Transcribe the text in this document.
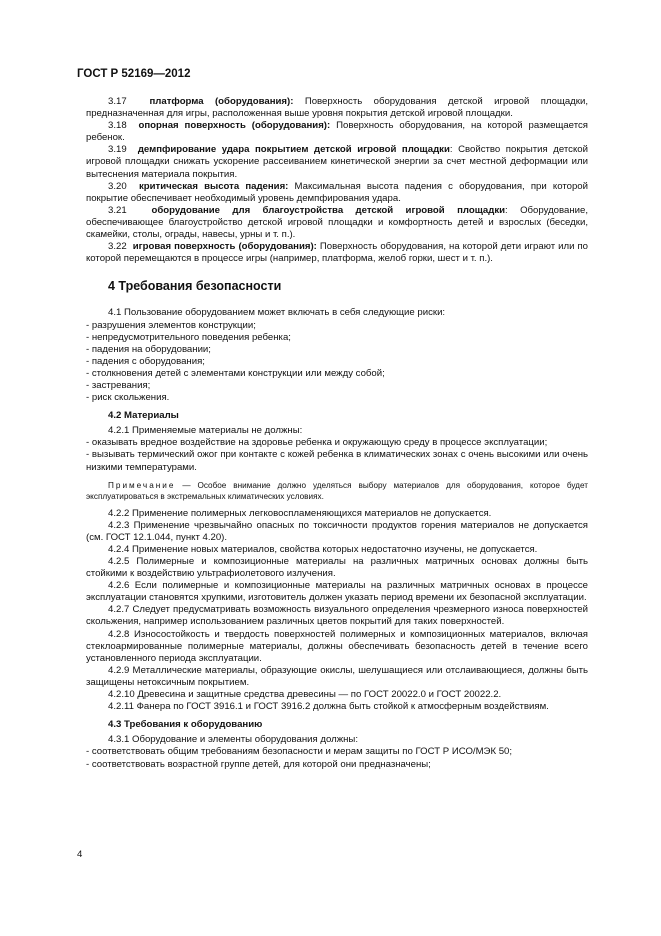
ГОСТ Р 52169—2012

3.17 платформа (оборудования): Поверхность оборудования детской игровой площадки, предназначенная для игры, расположенная выше уровня покрытия детской игровой площадки.

3.18 опорная поверхность (оборудования): Поверхность оборудования, на которой размещается ребенок.

3.19 демпфирование удара покрытием детской игровой площадки: Свойство покрытия детской игровой площадки снижать ускорение рассеиванием кинетической энергии за счет местной деформации или вытеснения материала покрытия.

3.20 критическая высота падения: Максимальная высота падения с оборудования, при которой покрытие обеспечивает необходимый уровень демпфирования удара.

3.21	оборудование для благоустройства детской игровой площадки: Оборудование, обеспечивающее благоустройство детской игровой площадки и комфортность детей и взрослых (беседки, скамейки, столы, ограды, навесы, урны и т. п.).

3.22 игровая поверхность (оборудования): Поверхность оборудования, на которой дети играют или по которой перемещаются в процессе игры (например, платформа, желоб горки, шест и т. п.).

4 Требования безопасности

4.1 Пользование оборудованием может включать в себя следующие риски:

- разрушения элементов конструкции;

- непредусмотрительного поведения ребенка;

- падения на оборудовании;

- падения с оборудования;

- столкновения детей с элементами конструкции или между собой;

- застревания;

- риск скольжения.

4.2 Материалы

4.2.1 Применяемые материалы не должны:

- оказывать вредное воздействие на здоровье ребенка и окружающую среду в процессе эксплуатации;

- вызывать термический ожог при контакте с кожей ребенка в климатических зонах с очень высокими или очень низкими температурами.

Примечание — Особое внимание должно уделяться выбору материалов для оборудования, которое будет эксплуатироваться в экстремальных климатических условиях.

4.2.2 Применение полимерных легковоспламеняющихся материалов не допускается.

4.2.3 Применение чрезвычайно опасных по токсичности продуктов горения материалов не допускается (см. ГОСТ 12.1.044, пункт 4.20).

4.2.4 Применение новых материалов, свойства которых недостаточно изучены, не допускается.

4.2.5 Полимерные и композиционные материалы на различных матричных основах должны быть стойкими к воздействию ультрафиолетового излучения.

4.2.6 Если полимерные и композиционные материалы на различных матричных основах в процессе эксплуатации становятся хрупкими, изготовитель должен указать период времени их безопасной эксплуатации.

4.2.7 Следует предусматривать возможность визуального определения чрезмерного износа поверхностей скольжения, например использованием различных цветов покрытий для таких поверхностей.

4.2.8 Износостойкость и твердость поверхностей полимерных и композиционных материалов, включая стеклоармированные полимерные материалы, должны обеспечивать безопасность детей в течение всего установленного периода эксплуатации.

4.2.9 Металлические материалы, образующие окислы, шелушащиеся или отслаивающиеся, должны быть защищены нетоксичным покрытием.

4.2.10 Древесина и защитные средства древесины — по ГОСТ 20022.0 и ГОСТ 20022.2.

4.2.11 Фанера по ГОСТ 3916.1 и ГОСТ 3916.2 должна быть стойкой к атмосферным воздействиям.

4.3 Требования к оборудованию

4.3.1 Оборудование и элементы оборудования должны:

- соответствовать общим требованиям безопасности и мерам защиты по ГОСТ Р ИСО/МЭК 50;

- соответствовать возрастной группе детей, для которой они предназначены;

4
